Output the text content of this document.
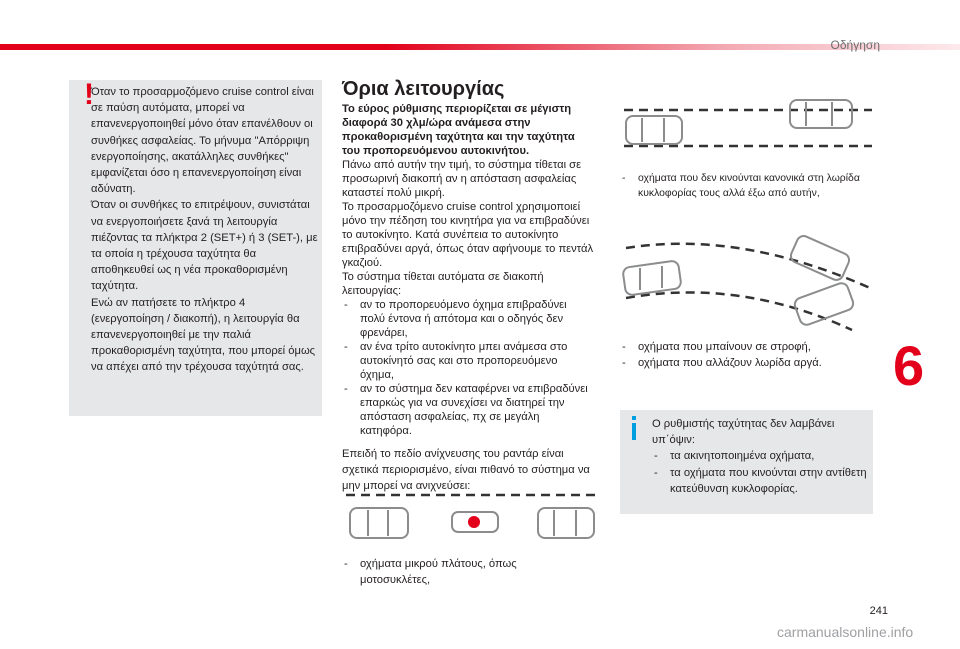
Οδήγηση
6
241
carmanualsonline.info
!

Όταν το προσαρμοζόμενο cruise control είναι σε παύση αυτόματα, μπορεί να επανενεργοποιηθεί μόνο όταν επανέλθουν οι συνθήκες ασφαλείας. Το μήνυμα "Απόρριψη ενεργοποίησης, ακατάλληλες συνθήκες" εμφανίζεται όσο η επανενεργοποίηση είναι αδύνατη.

Όταν οι συνθήκες το επιτρέψουν, συνιστάται να ενεργοποιήσετε ξανά τη λειτουργία πιέζοντας τα πλήκτρα 2 (SET+) ή 3 (SET-), με τα οποία η τρέχουσα ταχύτητα θα αποθηκευθεί ως η νέα προκαθορισμένη ταχύτητα.

Ενώ αν πατήσετε το πλήκτρο 4 (ενεργοποίηση / διακοπή), η λειτουργία θα επανενεργοποιηθεί με την παλιά προκαθορισμένη ταχύτητα, που μπορεί όμως να απέχει από την τρέχουσα ταχύτητά σας.

Όρια λειτουργίας

Το εύρος ρύθμισης περιορίζεται σε μέγιστη διαφορά 30 χλμ/ώρα ανάμεσα στην προκαθορισμένη ταχύτητα και την ταχύτητα του προπορευόμενου αυτοκινήτου.

Πάνω από αυτήν την τιμή, το σύστημα τίθεται σε προσωρινή διακοπή αν η απόσταση ασφαλείας καταστεί πολύ μικρή.

Το προσαρμοζόμενο cruise control χρησιμοποιεί μόνο την πέδηση του κινητήρα για να επιβραδύνει το αυτοκίνητο. Κατά συνέπεια το αυτοκίνητο επιβραδύνει αργά, όπως όταν αφήνουμε το πεντάλ γκαζιού.

Το σύστημα τίθεται αυτόματα σε διακοπή λειτουργίας:

- αν το προπορευόμενο όχημα επιβραδύνει πολύ έντονα ή απότομα και ο οδηγός δεν φρενάρει,
- αν ένα τρίτο αυτοκίνητο μπει ανάμεσα στο αυτοκίνητό σας και στο προπορευόμενο όχημα,
- αν το σύστημα δεν καταφέρνει να επιβραδύνει επαρκώς για να συνεχίσει να διατηρεί την απόσταση ασφαλείας, πχ σε μεγάλη κατηφόρα.

Επειδή το πεδίο ανίχνευσης του ραντάρ είναι σχετικά περιορισμένο, είναι πιθανό το σύστημα να μην μπορεί να ανιχνεύσει:

- οχήματα μικρού πλάτους, όπως μοτοσυκλέτες,
- οχήματα που δεν κινούνται κανονικά στη λωρίδα κυκλοφορίας τους αλλά έξω από αυτήν,
- οχήματα που μπαίνουν σε στροφή,
- οχήματα που αλλάζουν λωρίδα αργά.
Ο ρυθμιστής ταχύτητας δεν λαμβάνει υπ΄όψιν:
- τα ακινητοποιημένα οχήματα,
- τα οχήματα που κινούνται στην αντίθετη κατεύθυνση κυκλοφορίας.
